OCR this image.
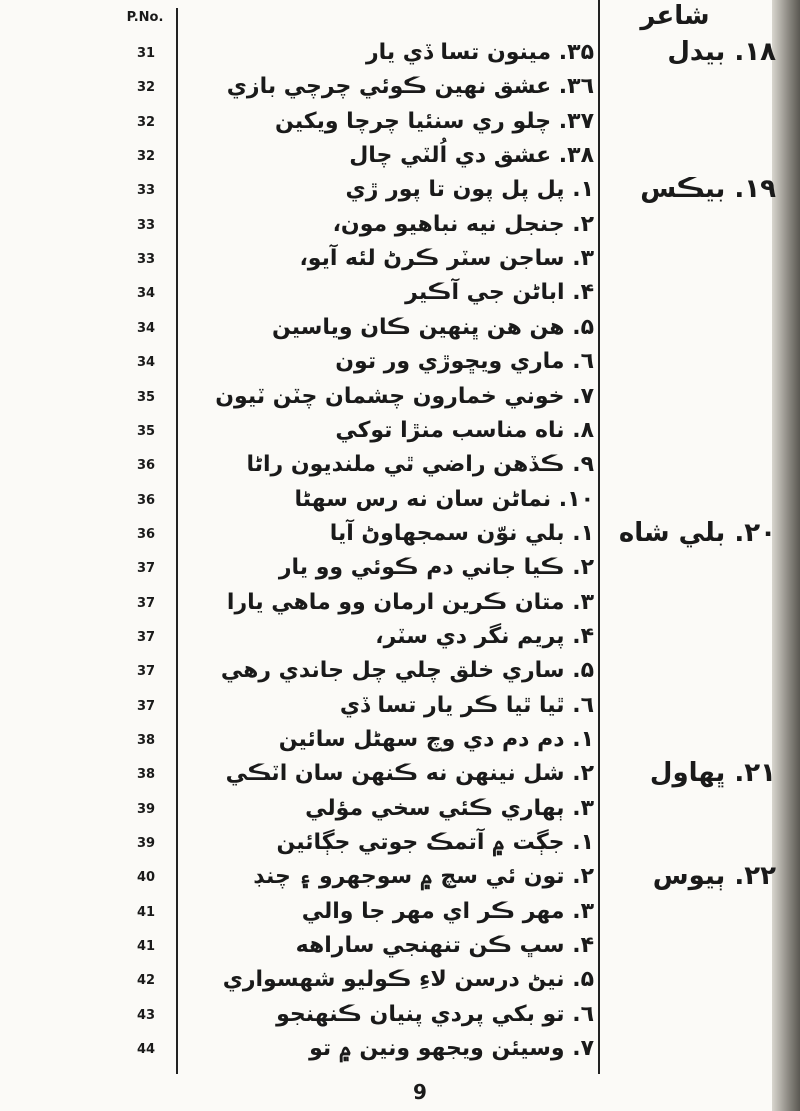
P.No.	شاعر
31
32
32
32
33
33
33
34
34
34
35
35
36
36
36
37
37
37
37
37
38
38
39
39
40
41
41
42
43
44
۳۵. مينون تسا ڏي يار
۳٦. عشق نهين ڪوئي چرچي بازي
۳۷. چلو ري سنئيا چرچا ويکين
۳۸. عشق دي اُلٽي چال
۱. پل پل پون تا پور ڙي
۲. جنجل نيه نباهيو مون،
۳. ساجن سٽر ڪرڻ لئه آيو،
۴. اباڻن جي آڪير
۵. هن هن ڀنهين ڪان وياسين
٦. ماري ويڇوڙي ور تون
۷. خوني خمارون چشمان چٽن ٽيون
۸. ناه مناسب منڙا توکي
۹. ڪڏهن راضي ٿي ملنديون راڻا
۱۰. نماڻن سان نه رس سهڻا
۱. بلي نوّن سمجهاوڻ آيا
۲. ڪيا جاني دم ڪوئي وو يار
۳. متان ڪرين ارمان وو ماهي يارا
۴. پريم نگر دي سٽر،
۵. ساري خلق چلي چل جاندي رهي
٦. ٿيا ٿيا ڪر يار تسا ڏي
۱. دم دم دي وچ سهڻل سائين
۲. شل نينهن نه ڪنهن سان اٽڪي
۳. ٻهاري ڪئي سخي مؤلي
۱. جڳت ۾ آتمڪ جوتي جڳائين
۲. تون ئي سچ ۾ سوجهرو ۽ چنڊ
۳. مهر ڪر اي مهر جا والي
۴. سڀ ڪن تنهنجي ساراهه
۵. نيڻ درسن لاءِ ڪوليو شهسواري
٦. تو بکي پردي پنيان ڪنهنجو
۷. وسيئن ويجهو ونين ۾ تو
۱۸. بيدل
۱۹. بيڪس
۲۰. بلي شاه
۲۱. ڀهاول
۲۲. ٻيوس
9
